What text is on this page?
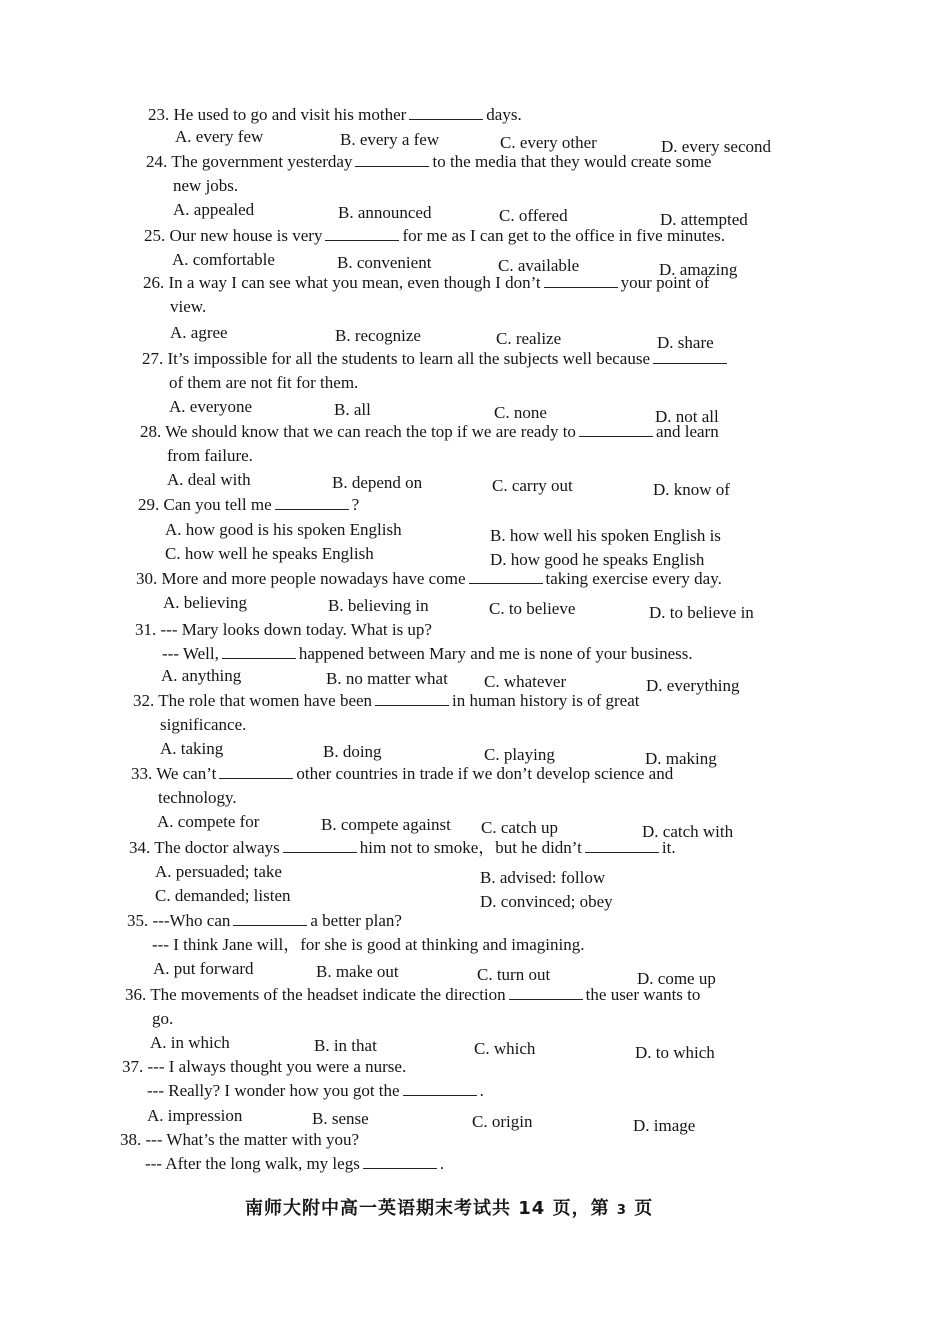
23. He used to go and visit his mother	days.
A. every few	B. every a few	C. every other	D. every second
24. The government yesterday	to the media that they would create some
new jobs.
A. appealed	B. announced	C. offered	D. attempted
25. Our new house is very	for me as I can get to the office in five minutes.
A. comfortable	B. convenient	C. available	D. amazing
26. In a way I can see what you mean, even though I don’t	your point of
view.
A. agree	B. recognize	C. realize	D. share
27. It’s impossible for all the students to learn all the subjects well because
of them are not fit for them.
A. everyone	B. all	C. none	D. not all
28. We should know that we can reach the top if we are ready to	and learn
from failure.
A. deal with	B. depend on	C. carry out	D. know of
29. Can you tell me	?
A. how good is his spoken English	B. how well his spoken English is
C. how well he speaks English	D. how good he speaks English
30. More and more people nowadays have come	taking exercise every day.
A. believing	B. believing in	C. to believe	D. to believe in
31. --- Mary looks down today. What is up?
--- Well,	happened between Mary and me is none of your business.
A. anything	B. no matter what C. whatever	D. everything
32. The role that women have been	in human history is of great
significance.
A. taking	B. doing	C. playing	D. making
33. We can’t	other countries in trade if we don’t develop science and
technology.
A. compete for	B. compete against C. catch up	D. catch with
34. The doctor always	him not to smoke，but he didn’t	it.
A. persuaded; take	B. advised: follow
C. demanded; listen	D. convinced; obey
35. ---Who can	a better plan?
--- I think Jane will，for she is good at thinking and imagining.
A. put forward	B. make out	C. turn out	D. come up
36. The movements of the headset indicate the direction	the user wants to
go.
A. in which	B. in that	C. which	D. to which
37. --- I always thought you were a nurse.
--- Really? I wonder how you got the	.
A. impression	B. sense	C. origin	D. image
38. --- What’s the matter with you?
--- After the long walk, my legs	.
南师大附中高一英语期末考试共 14 页，第 3 页
